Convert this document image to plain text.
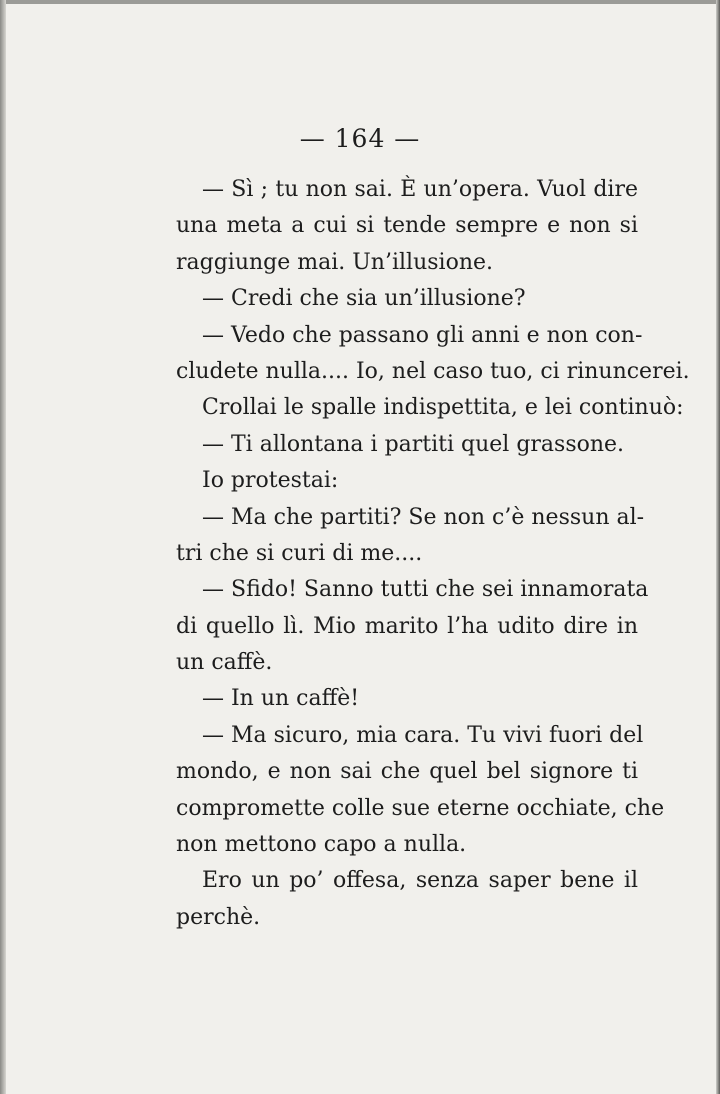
— 164 —
— Sì ; tu non sai. È un’opera. Vuol dire
una meta a cui si tende sempre e non si
raggiunge mai. Un’illusione.
— Credi che sia un’illusione?
— Vedo che passano gli anni e non con-
cludete nulla.... Io, nel caso tuo, ci rinuncerei.
Crollai le spalle indispettita, e lei continuò:
— Ti allontana i partiti quel grassone.
Io protestai:
— Ma che partiti? Se non c’è nessun al-
tri che si curi di me....
— Sfido! Sanno tutti che sei innamorata
di quello lì. Mio marito l’ha udito dire in
un caffè.
— In un caffè!
— Ma sicuro, mia cara. Tu vivi fuori del
mondo, e non sai che quel bel signore ti
compromette colle sue eterne occhiate, che
non mettono capo a nulla.
Ero un po’ offesa, senza saper bene il
perchè.
